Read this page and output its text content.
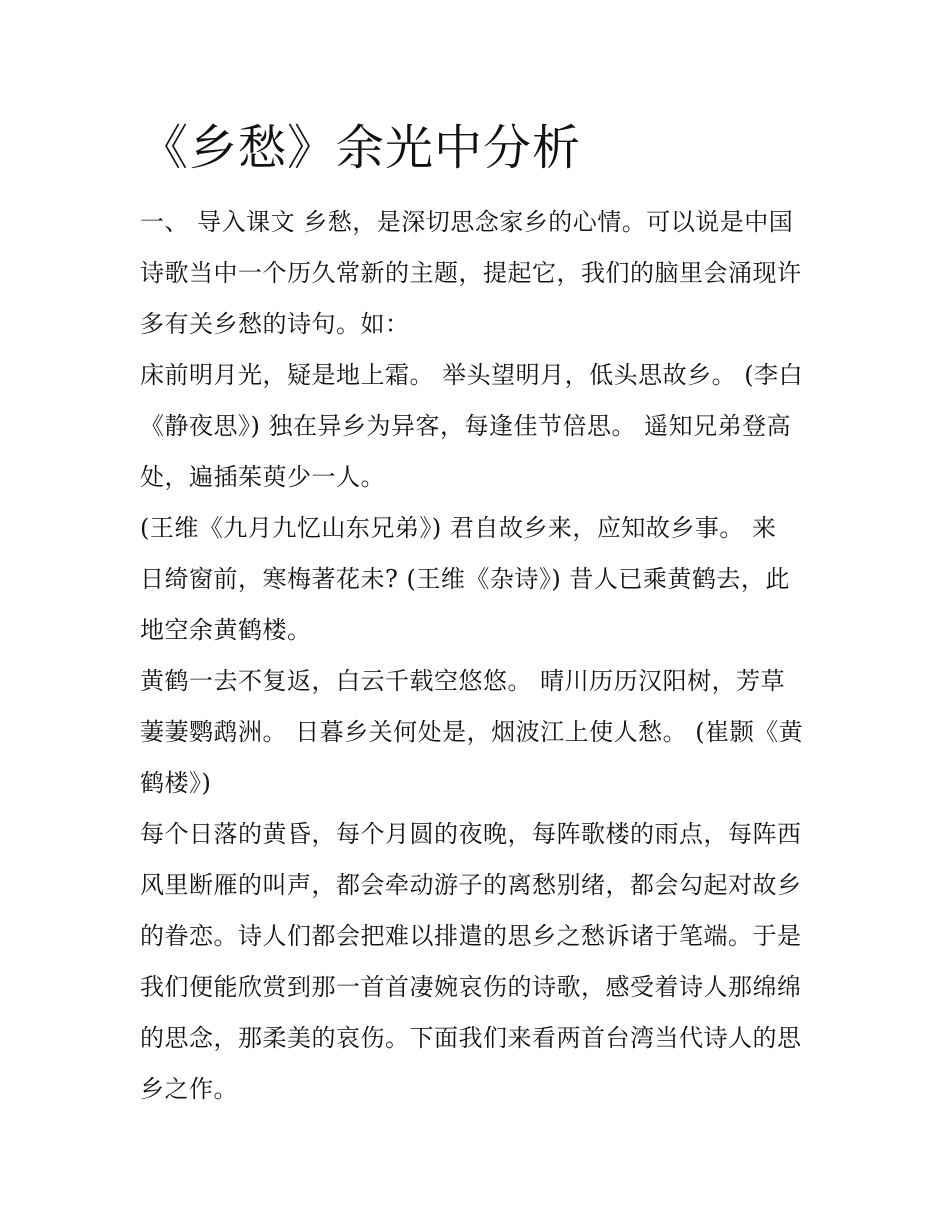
《乡愁》余光中分析

一、 导入课文 乡愁，是深切思念家乡的心情。可以说是中国

诗歌当中一个历久常新的主题，提起它，我们的脑里会涌现许

多有关乡愁的诗句。如：

床前明月光，疑是地上霜。 举头望明月，低头思故乡。 (李白

《静夜思》) 独在异乡为异客，每逢佳节倍思。 遥知兄弟登高

处，遍插茱萸少一人。

(王维《九月九忆山东兄弟》) 君自故乡来，应知故乡事。 来

日绮窗前，寒梅著花未? (王维《杂诗》) 昔人已乘黄鹤去，此

地空余黄鹤楼。

黄鹤一去不复返，白云千载空悠悠。 晴川历历汉阳树，芳草

萋萋鹦鹉洲。 日暮乡关何处是，烟波江上使人愁。 (崔颢《黄

鹤楼》)

每个日落的黄昏，每个月圆的夜晚，每阵歌楼的雨点，每阵西

风里断雁的叫声，都会牵动游子的离愁别绪，都会勾起对故乡

的眷恋。诗人们都会把难以排遣的思乡之愁诉诸于笔端。于是

我们便能欣赏到那一首首凄婉哀伤的诗歌，感受着诗人那绵绵

的思念，那柔美的哀伤。下面我们来看两首台湾当代诗人的思

乡之作。
